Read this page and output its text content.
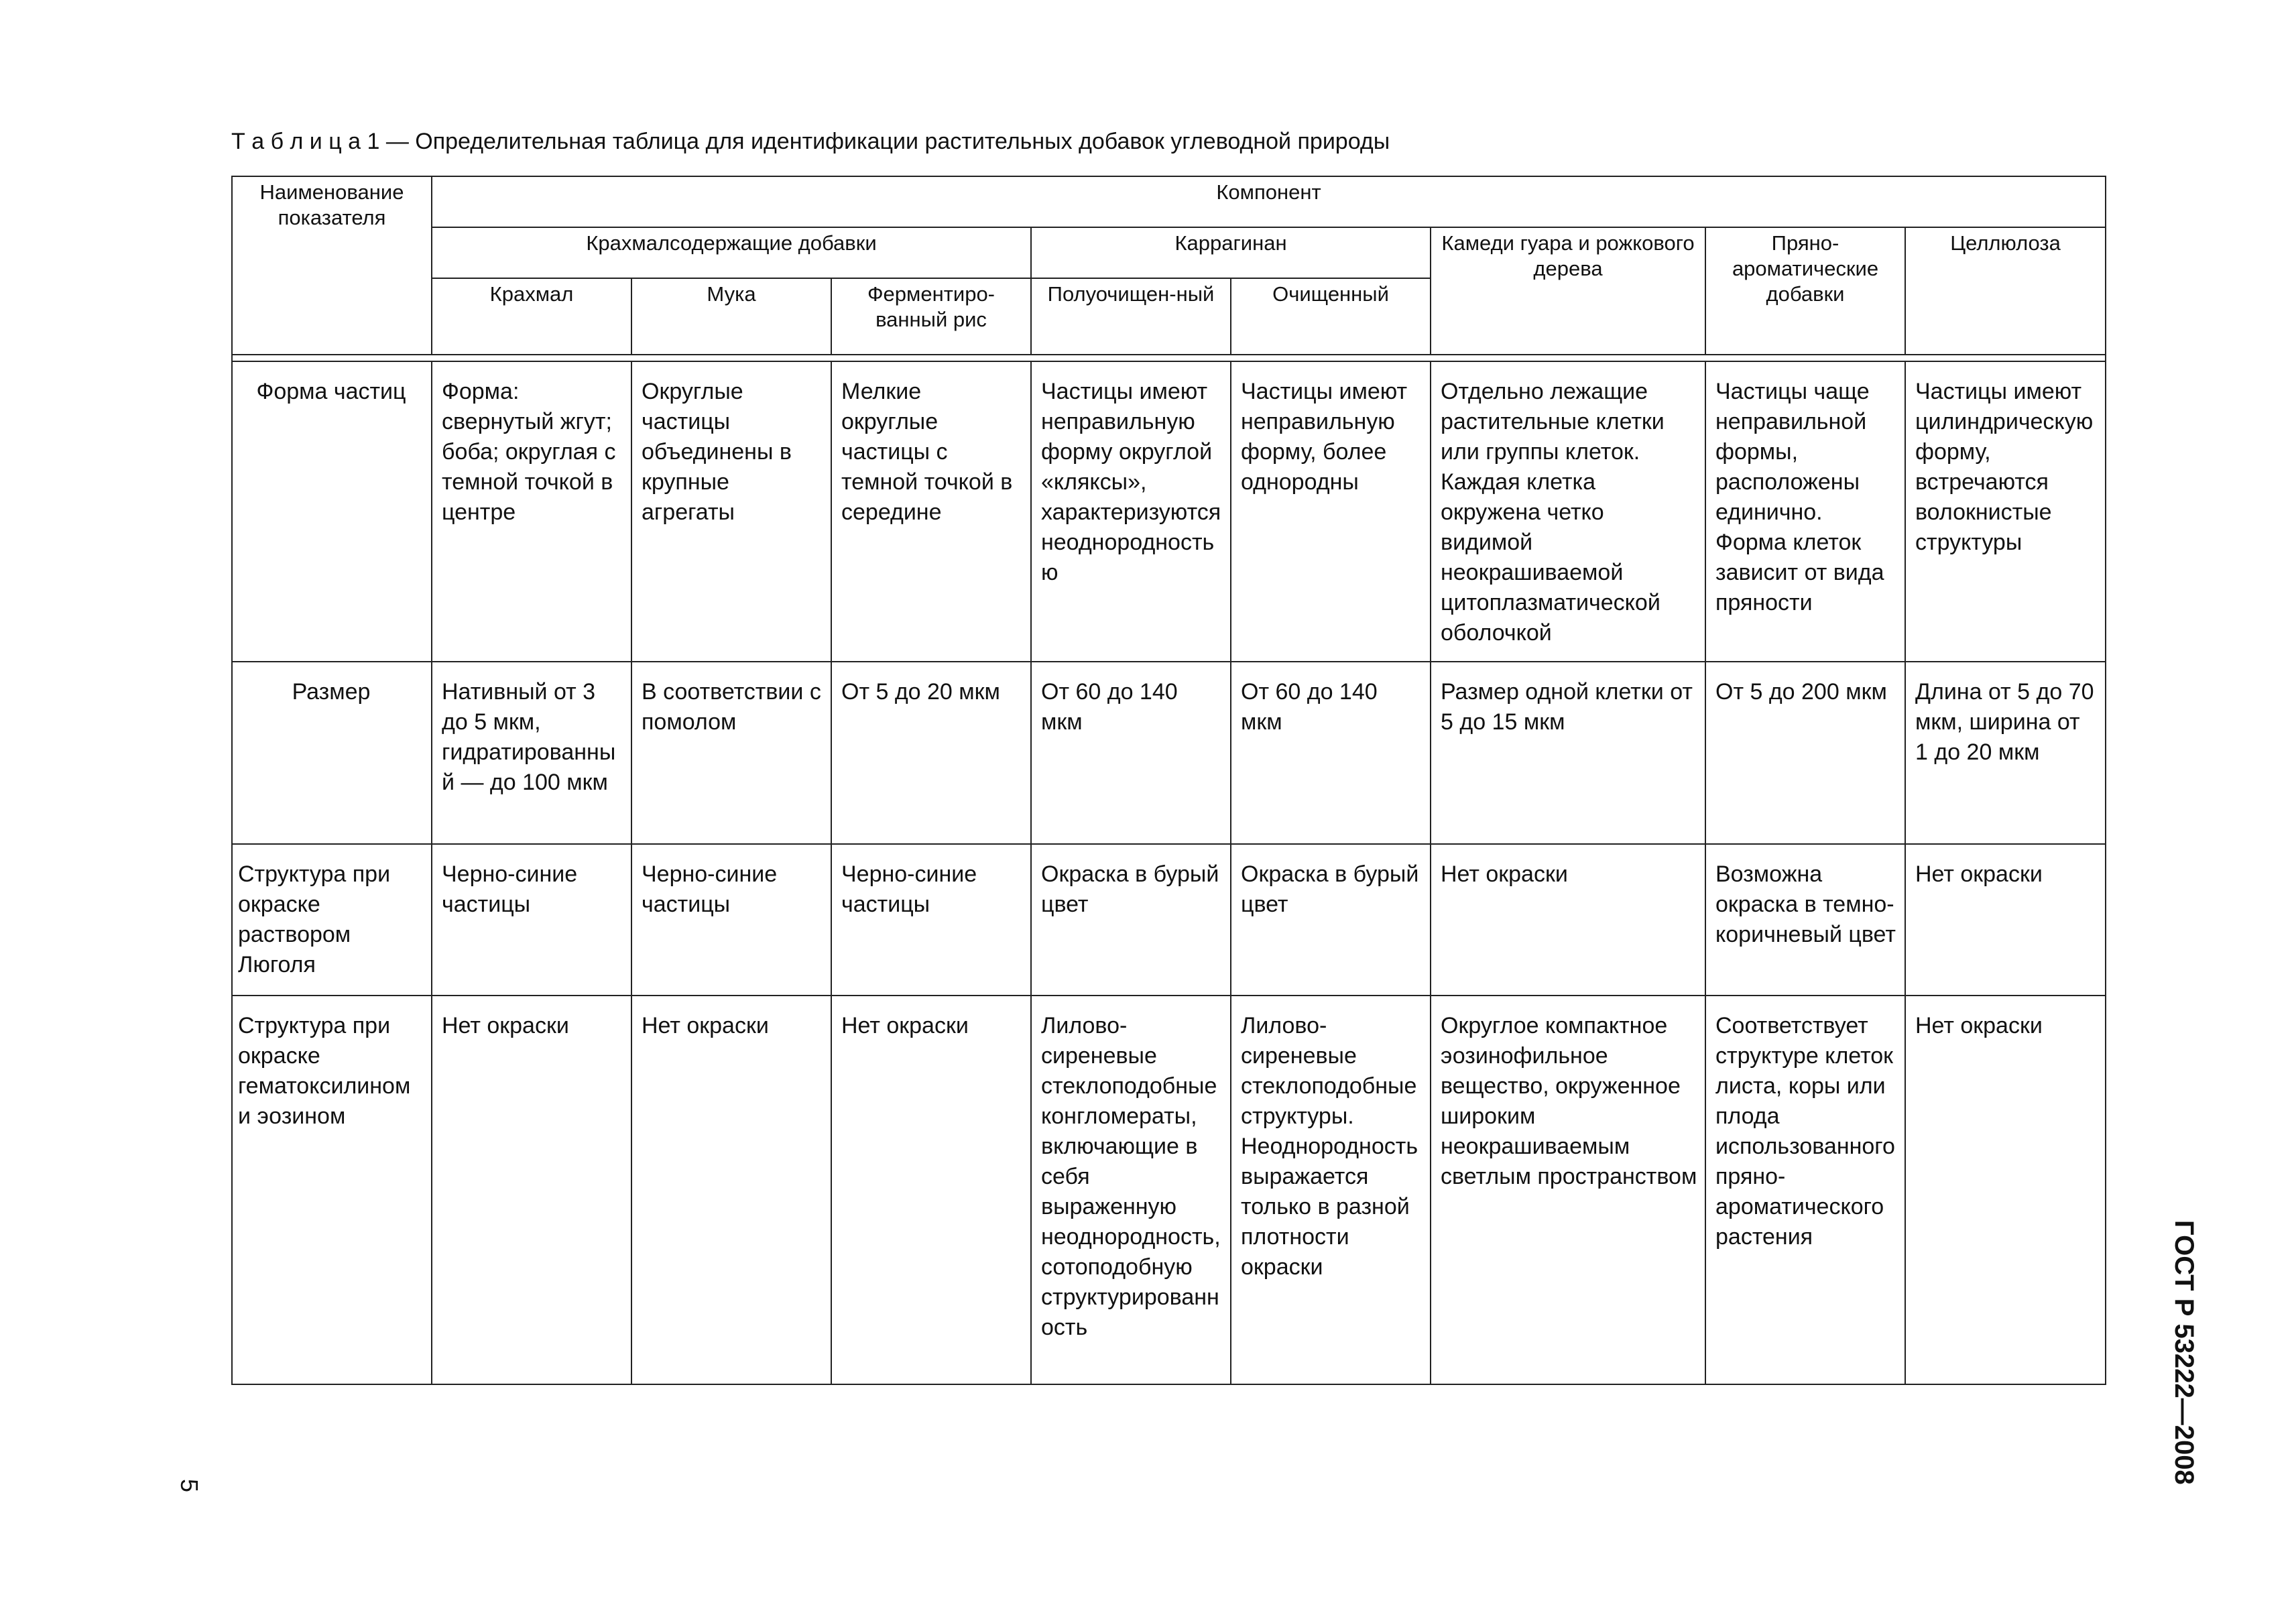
Т а б л и ц а 1 — Определительная таблица для идентификации растительных добавок углеводной природы
Наименование показателя	Компонент							
	Крахмалсодержащие добавки			Каррагинан		Камеди гуара и рожкового дерева	Пряно-ароматические добавки	Целлюлоза
	Крахмал	Мука	Ферментиро-ванный рис	Полуочищен-ный	Очищенный			

Форма частиц	Форма: свернутый жгут; боба; округлая с темной точкой в центре	Округлые частицы объединены в крупные агрегаты	Мелкие округлые частицы с темной точкой в середине	Частицы имеют неправильную форму округлой «кляксы», характеризуются неоднородностью	Частицы имеют неправильную форму, более однородны	Отдельно лежащие растительные клетки или группы клеток. Каждая клетка окружена четко видимой неокрашиваемой цитоплазматической оболочкой	Частицы чаще неправильной формы, расположены единично. Форма клеток зависит от вида пряности	Частицы имеют цилиндрическую форму, встречаются волокнистые структуры
Размер	Нативный от 3 до 5 мкм, гидратированный — до 100 мкм	В соответствии с помолом	От 5 до 20 мкм	От 60 до 140 мкм	От 60 до 140 мкм	Размер одной клетки от 5 до 15 мкм	От 5 до 200 мкм	Длина от 5 до 70 мкм, ширина от 1 до 20 мкм
Структура при окраске раствором Люголя	Черно-синие частицы	Черно-синие частицы	Черно-синие частицы	Окраска в бурый цвет	Окраска в бурый цвет	Нет окраски	Возможна окраска в темно-коричневый цвет	Нет окраски
Структура при окраске гематоксилином и эозином	Нет окраски	Нет окраски	Нет окраски	Лилово-сиреневые стеклоподобные конгломераты, включающие в себя выраженную неоднородность, сотоподобную структурированность	Лилово-сиреневые стеклоподобные структуры. Неоднородность выражается только в разной плотности окраски	Округлое компактное эозинофильное вещество, окруженное широким неокрашиваемым светлым пространством	Соответствует структуре клеток листа, коры или плода использованного пряно-ароматического растения	Нет окраски
ГОСТ Р 53222—2008
5
